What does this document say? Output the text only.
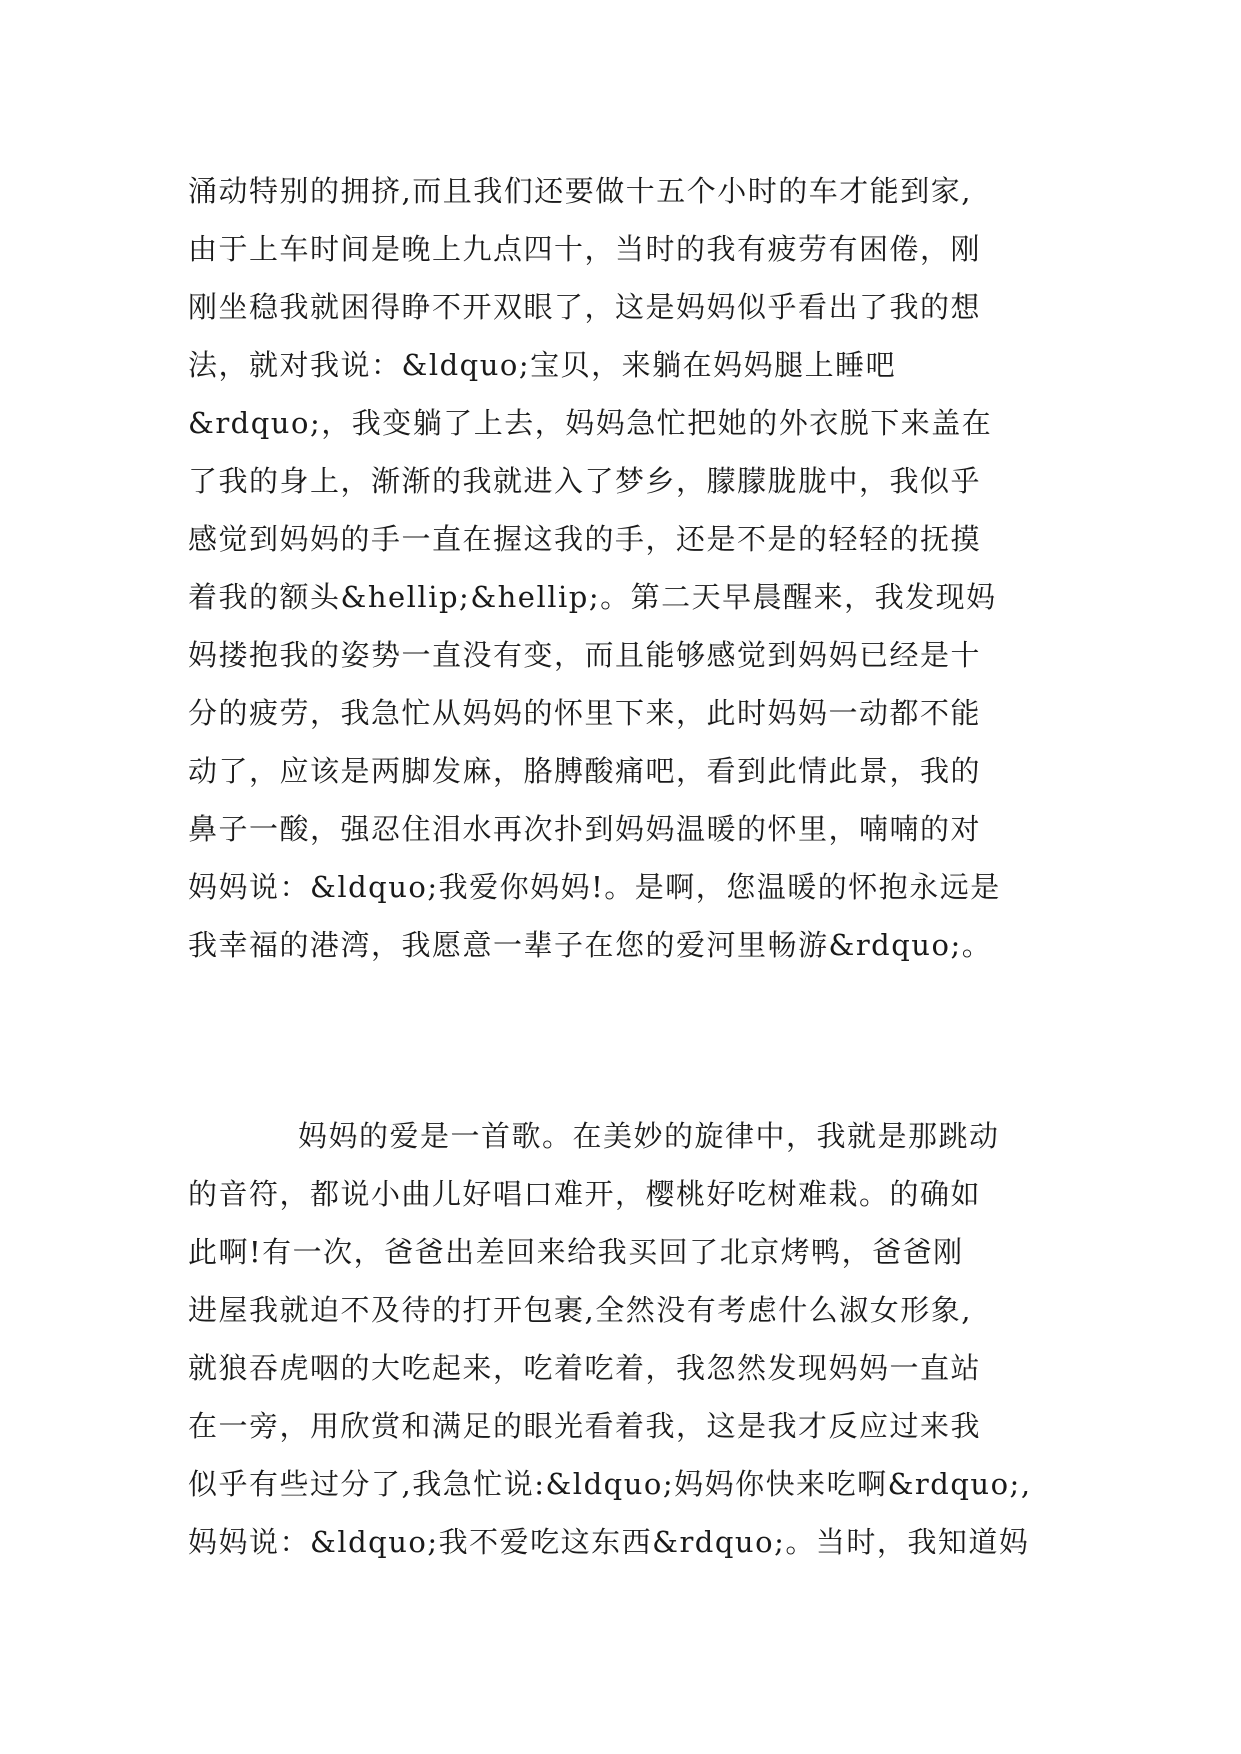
涌动特别的拥挤,而且我们还要做十五个小时的车才能到家,
由于上车时间是晚上九点四十，当时的我有疲劳有困倦，刚
刚坐稳我就困得睁不开双眼了，这是妈妈似乎看出了我的想
法，就对我说：&ldquo;宝贝，来躺在妈妈腿上睡吧
&rdquo;，我变躺了上去，妈妈急忙把她的外衣脱下来盖在
了我的身上，渐渐的我就进入了梦乡，朦朦胧胧中，我似乎
感觉到妈妈的手一直在握这我的手，还是不是的轻轻的抚摸
着我的额头&hellip;&hellip;。第二天早晨醒来，我发现妈
妈搂抱我的姿势一直没有变，而且能够感觉到妈妈已经是十
分的疲劳，我急忙从妈妈的怀里下来，此时妈妈一动都不能
动了，应该是两脚发麻，胳膊酸痛吧，看到此情此景，我的
鼻子一酸，强忍住泪水再次扑到妈妈温暖的怀里，喃喃的对
妈妈说：&ldquo;我爱你妈妈!。是啊，您温暖的怀抱永远是
我幸福的港湾，我愿意一辈子在您的爱河里畅游&rdquo;。
妈妈的爱是一首歌。在美妙的旋律中，我就是那跳动
的音符，都说小曲儿好唱口难开，樱桃好吃树难栽。的确如
此啊!有一次，爸爸出差回来给我买回了北京烤鸭，爸爸刚
进屋我就迫不及待的打开包裹,全然没有考虑什么淑女形象,
就狼吞虎咽的大吃起来，吃着吃着，我忽然发现妈妈一直站
在一旁，用欣赏和满足的眼光看着我，这是我才反应过来我
似乎有些过分了,我急忙说:&ldquo;妈妈你快来吃啊&rdquo;,
妈妈说：&ldquo;我不爱吃这东西&rdquo;。当时，我知道妈
